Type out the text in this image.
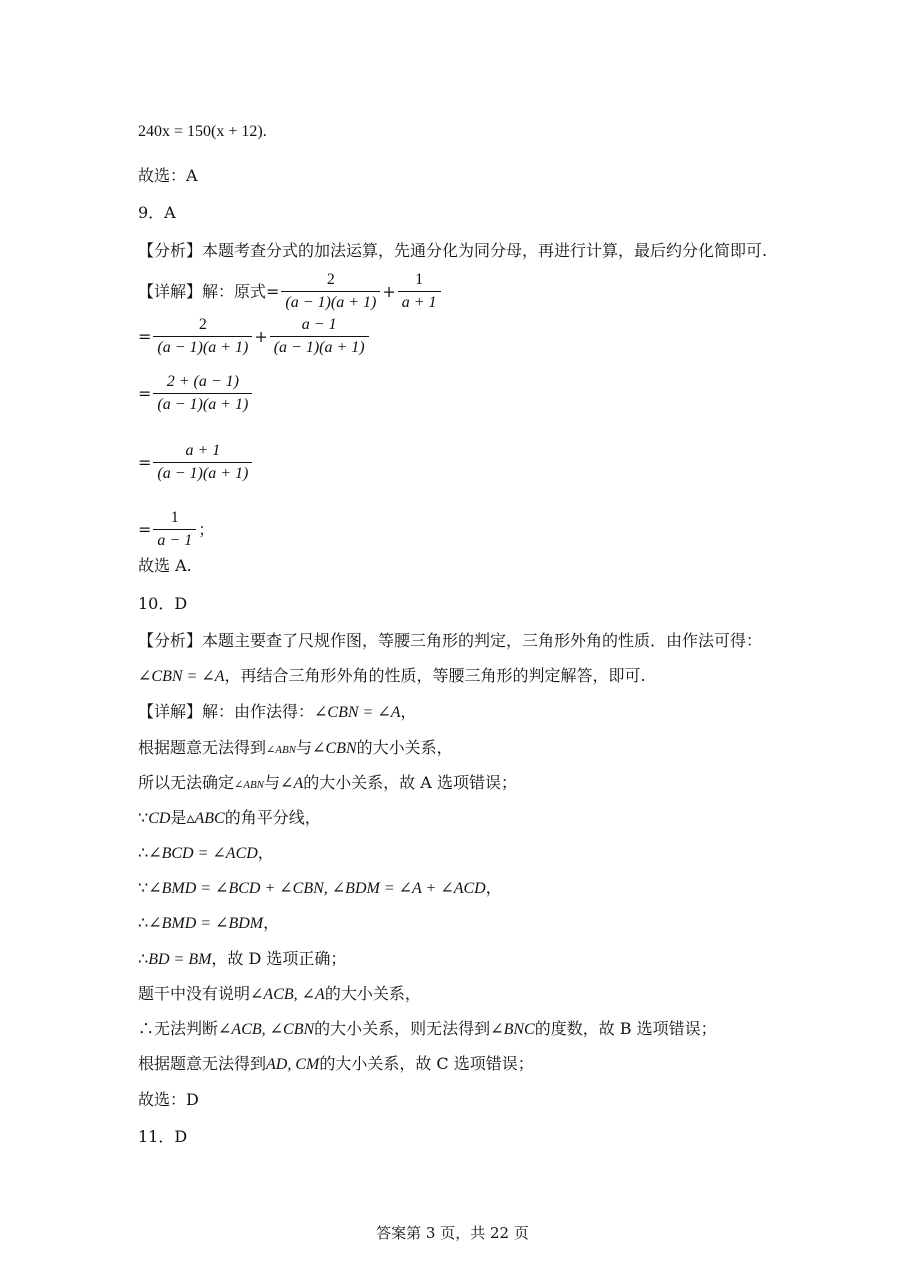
240x = 150(x + 12).
故选：A
9．A
【分析】本题考查分式的加法运算，先通分化为同分母，再进行计算，最后约分化简即可.
【详解】解：原式= $\frac{2}{(a - 1)(a + 1)} + \frac{1}{a + 1}$
= $\frac{2}{(a - 1)(a + 1)} + \frac{a - 1}{(a - 1)(a + 1)}$
= $\frac{2 + (a - 1)}{(a - 1)(a + 1)}$
= $\frac{a + 1}{(a - 1)(a + 1)}$
= $\frac{1}{a - 1}$ ；
故选 A.
10．D
【分析】本题主要查了尺规作图，等腰三角形的判定，三角形外角的性质．由作法可得：
∠CBN = ∠A，再结合三角形外角的性质，等腰三角形的判定解答，即可.
【详解】解：由作法得：∠CBN = ∠A，
根据题意无法得到∠ABN与∠CBN的大小关系，
所以无法确定∠ABN与∠A的大小关系，故 A 选项错误；
∵CD是▵ABC的角平分线，
∴∠BCD = ∠ACD，
∵∠BMD = ∠BCD + ∠CBN, ∠BDM = ∠A + ∠ACD，
∴∠BMD = ∠BDM，
∴BD = BM，故 D 选项正确；
题干中没有说明∠ACB, ∠A的大小关系，
∴无法判断∠ACB, ∠CBN的大小关系，则无法得到∠BNC的度数，故 B 选项错误；
根据题意无法得到AD, CM的大小关系，故 C 选项错误；
故选：D
11．D
答案第 3 页，共 22 页
